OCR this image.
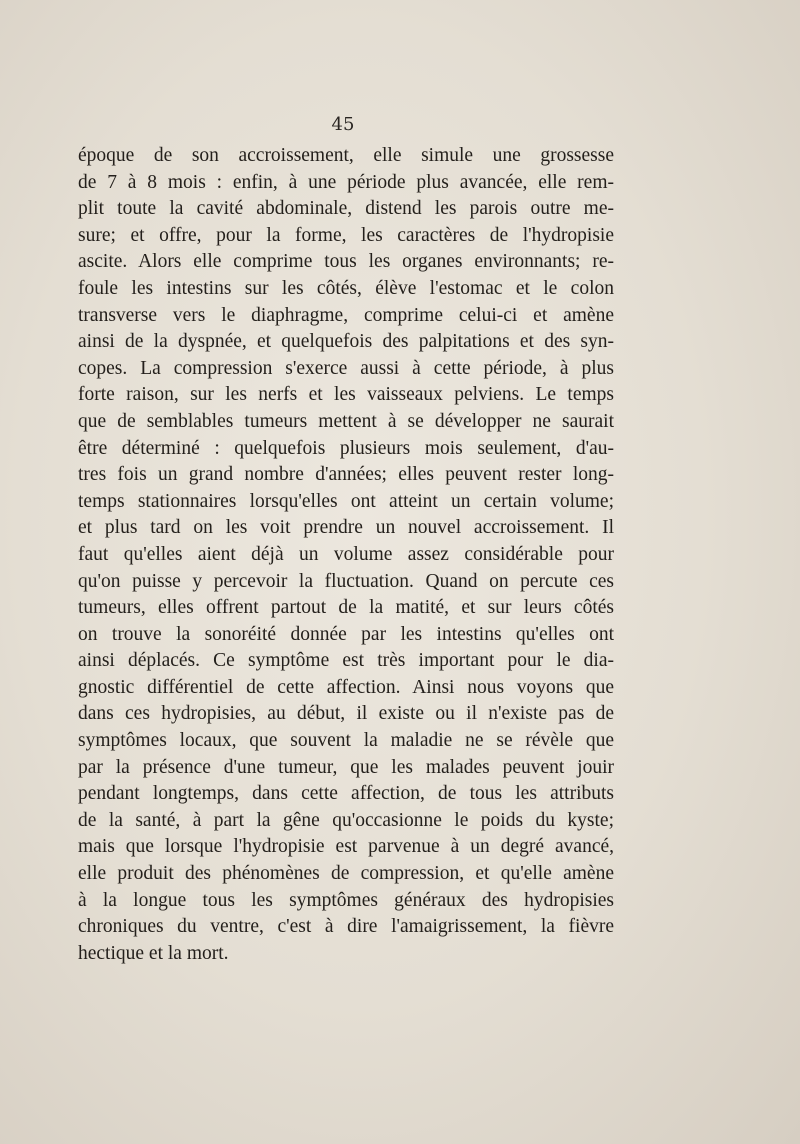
45
époque de son accroissement, elle simule une grossesse
de 7 à 8 mois : enfin, à une période plus avancée, elle rem-
plit toute la cavité abdominale, distend les parois outre me-
sure; et offre, pour la forme, les caractères de l'hydropisie
ascite. Alors elle comprime tous les organes environnants; re-
foule les intestins sur les côtés, élève l'estomac et le colon
transverse vers le diaphragme, comprime celui-ci et amène
ainsi de la dyspnée, et quelquefois des palpitations et des syn-
copes. La compression s'exerce aussi à cette période, à plus
forte raison, sur les nerfs et les vaisseaux pelviens. Le temps
que de semblables tumeurs mettent à se développer ne saurait
être déterminé : quelquefois plusieurs mois seulement, d'au-
tres fois un grand nombre d'années; elles peuvent rester long-
temps stationnaires lorsqu'elles ont atteint un certain volume;
et plus tard on les voit prendre un nouvel accroissement. Il
faut qu'elles aient déjà un volume assez considérable pour
qu'on puisse y percevoir la fluctuation. Quand on percute ces
tumeurs, elles offrent partout de la matité, et sur leurs côtés
on trouve la sonoréité donnée par les intestins qu'elles ont
ainsi déplacés. Ce symptôme est très important pour le dia-
gnostic différentiel de cette affection. Ainsi nous voyons que
dans ces hydropisies, au début, il existe ou il n'existe pas de
symptômes locaux, que souvent la maladie ne se révèle que
par la présence d'une tumeur, que les malades peuvent jouir
pendant longtemps, dans cette affection, de tous les attributs
de la santé, à part la gêne qu'occasionne le poids du kyste;
mais que lorsque l'hydropisie est parvenue à un degré avancé,
elle produit des phénomènes de compression, et qu'elle amène
à la longue tous les symptômes généraux des hydropisies
chroniques du ventre, c'est à dire l'amaigrissement, la fièvre
hectique et la mort.
